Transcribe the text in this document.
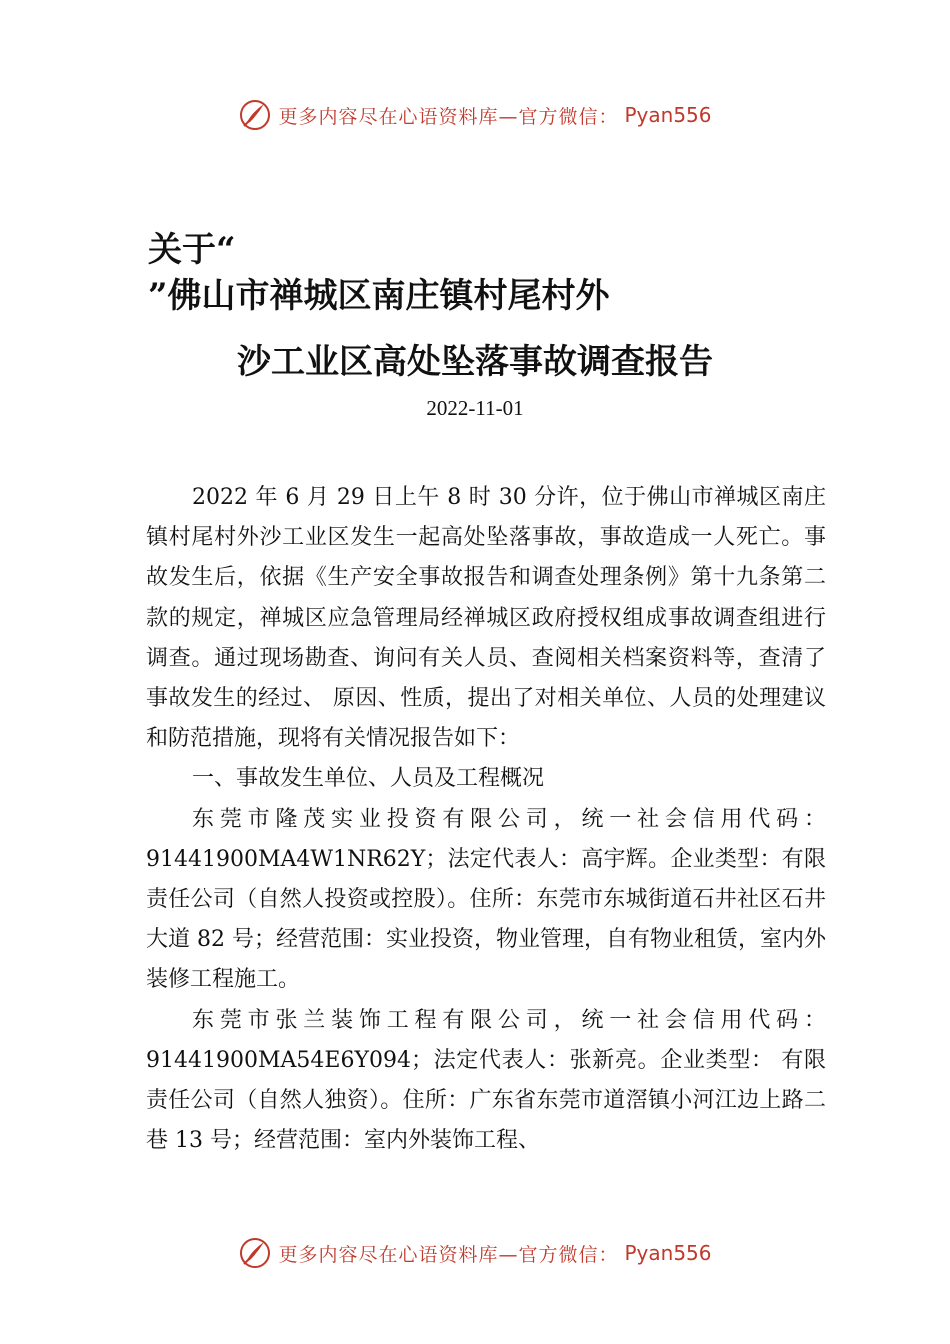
更多内容尽在心语资料库—官方微信： Pyan556
关于“
”佛山市禅城区南庄镇村尾村外
沙工业区高处坠落事故调查报告
2022-11-01

2022 年 6 月 29 日上午 8 时 30 分许，位于佛山市禅城区南庄镇村尾村外沙工业区发生一起高处坠落事故，事故造成一人死亡。事故发生后，依据《生产安全事故报告和调查处理条例》第十九条第二款的规定，禅城区应急管理局经禅城区政府授权组成事故调查组进行调查。通过现场勘查、询问有关人员、查阅相关档案资料等，查清了事故发生的经过、 原因、性质，提出了对相关单位、人员的处理建议和防范措施，现将有关情况报告如下：

一、事故发生单位、人员及工程概况

东莞市隆茂实业投资有限公司，统一社会信用代码：91441900MA4W1NR62Y；法定代表人：高宇辉。企业类型：有限责任公司（自然人投资或控股）。住所：东莞市东城街道石井社区石井大道 82 号；经营范围：实业投资，物业管理，自有物业租赁，室内外装修工程施工。

东莞市张兰装饰工程有限公司，统一社会信用代码：91441900MA54E6Y094；法定代表人：张新亮。企业类型： 有限责任公司（自然人独资）。住所：广东省东莞市道滘镇小河江边上路二巷 13 号；经营范围：室内外装饰工程、

更多内容尽在心语资料库—官方微信： Pyan556
